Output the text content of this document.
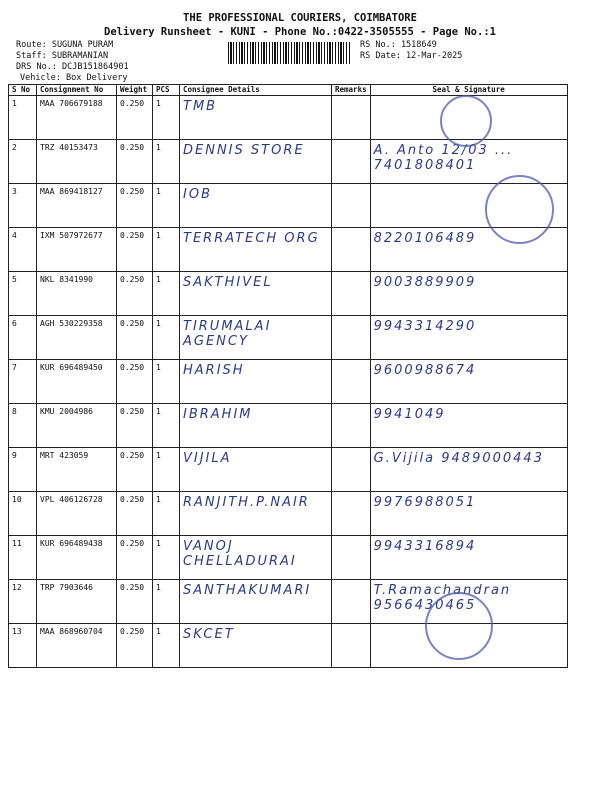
THE PROFESSIONAL COURIERS, COIMBATORE
Delivery Runsheet - KUNI - Phone No.:0422-3505555 - Page No.:1
Route: SUGUNA PURAM
Staff: SUBRAMANIAN
DRS No.: DCJB151864901
Vehicle: Box Delivery
RS No.: 1518649
RS Date: 12-Mar-2025
S No	Consignment No	Weight	PCS	Consignee Details	Remarks	Seal & Signature
1	MAA 706679188	0.250	1	TMB		
2	TRZ 40153473	0.250	1	DENNIS STORE		A. Anto 12/03 ... 7401808401
3	MAA 869418127	0.250	1	IOB		
4	IXM 507972677	0.250	1	TERRATECH ORG		8220106489
5	NKL 8341990	0.250	1	SAKTHIVEL		9003889909
6	AGH 530229358	0.250	1	TIRUMALAI AGENCY		9943314290
7	KUR 696489450	0.250	1	HARISH		9600988674
8	KMU 2004986	0.250	1	IBRAHIM		9941049
9	MRT 423059	0.250	1	VIJILA		G.Vijila 9489000443
10	VPL 406126728	0.250	1	RANJITH.P.NAIR		9976988051
11	KUR 696489438	0.250	1	VANOJ CHELLADURAI		9943316894
12	TRP 7903646	0.250	1	SANTHAKUMARI		T.Ramachandran 9566430465
13	MAA 868960704	0.250	1	SKCET		
